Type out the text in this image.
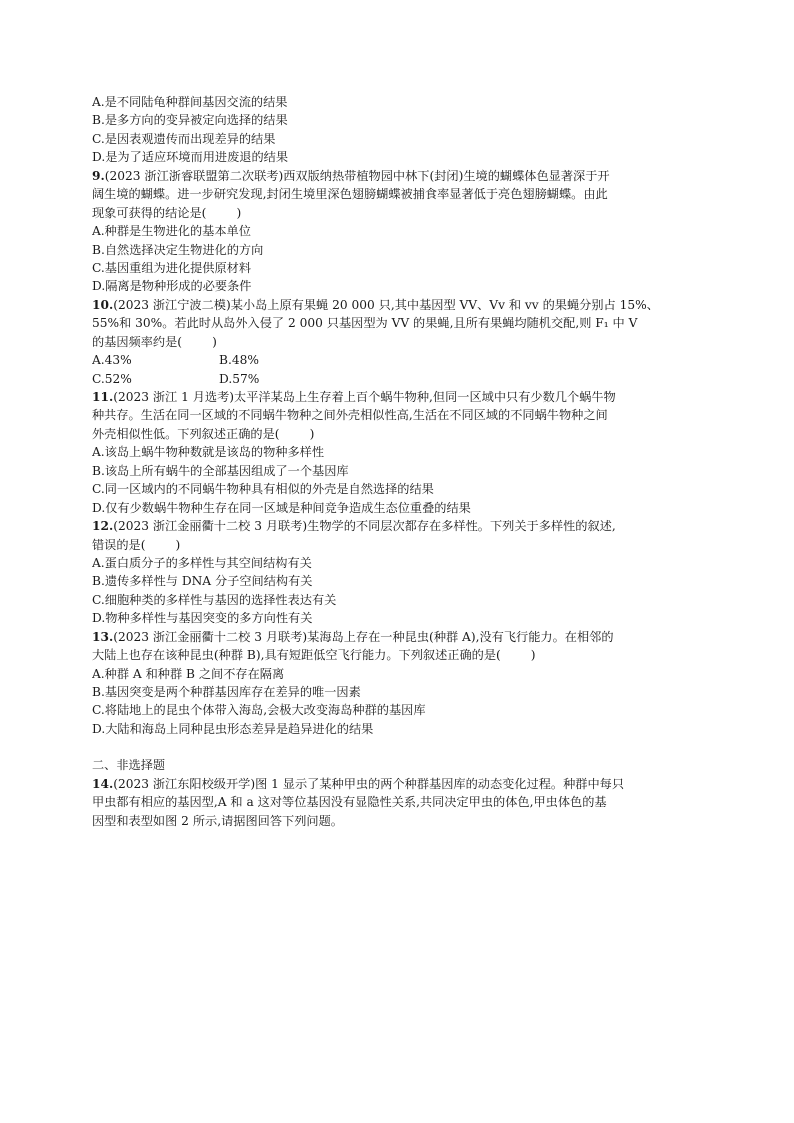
A.是不同陆龟种群间基因交流的结果
B.是多方向的变异被定向选择的结果
C.是因表观遗传而出现差异的结果
D.是为了适应环境而用进废退的结果
9.(2023 浙江浙睿联盟第二次联考)西双版纳热带植物园中林下(封闭)生境的蝴蝶体色显著深于开
阔生境的蝴蝶。进一步研究发现,封闭生境里深色翅膀蝴蝶被捕食率显著低于亮色翅膀蝴蝶。由此
现象可获得的结论是( )
A.种群是生物进化的基本单位
B.自然选择决定生物进化的方向
C.基因重组为进化提供原材料
D.隔离是物种形成的必要条件
10.(2023 浙江宁波二模)某小岛上原有果蝇 20 000 只,其中基因型 VV、Vv 和 vv 的果蝇分别占 15%、
55%和 30%。若此时从岛外入侵了 2 000 只基因型为 VV 的果蝇,且所有果蝇均随机交配,则 F₁ 中 V
的基因频率约是( )
A.43%	B.48%
C.52%	D.57%
11.(2023 浙江 1 月选考)太平洋某岛上生存着上百个蜗牛物种,但同一区域中只有少数几个蜗牛物
种共存。生活在同一区域的不同蜗牛物种之间外壳相似性高,生活在不同区域的不同蜗牛物种之间
外壳相似性低。下列叙述正确的是( )
A.该岛上蜗牛物种数就是该岛的物种多样性
B.该岛上所有蜗牛的全部基因组成了一个基因库
C.同一区域内的不同蜗牛物种具有相似的外壳是自然选择的结果
D.仅有少数蜗牛物种生存在同一区域是种间竞争造成生态位重叠的结果
12.(2023 浙江金丽衢十二校 3 月联考)生物学的不同层次都存在多样性。下列关于多样性的叙述,
错误的是( )
A.蛋白质分子的多样性与其空间结构有关
B.遗传多样性与 DNA 分子空间结构有关
C.细胞种类的多样性与基因的选择性表达有关
D.物种多样性与基因突变的多方向性有关
13.(2023 浙江金丽衢十二校 3 月联考)某海岛上存在一种昆虫(种群 A),没有飞行能力。在相邻的
大陆上也存在该种昆虫(种群 B),具有短距低空飞行能力。下列叙述正确的是( )
A.种群 A 和种群 B 之间不存在隔离
B.基因突变是两个种群基因库存在差异的唯一因素
C.将陆地上的昆虫个体带入海岛,会极大改变海岛种群的基因库
D.大陆和海岛上同种昆虫形态差异是趋异进化的结果
二、非选择题
14.(2023 浙江东阳校级开学)图 1 显示了某种甲虫的两个种群基因库的动态变化过程。种群中每只
甲虫都有相应的基因型,A 和 a 这对等位基因没有显隐性关系,共同决定甲虫的体色,甲虫体色的基
因型和表型如图 2 所示,请据图回答下列问题。
